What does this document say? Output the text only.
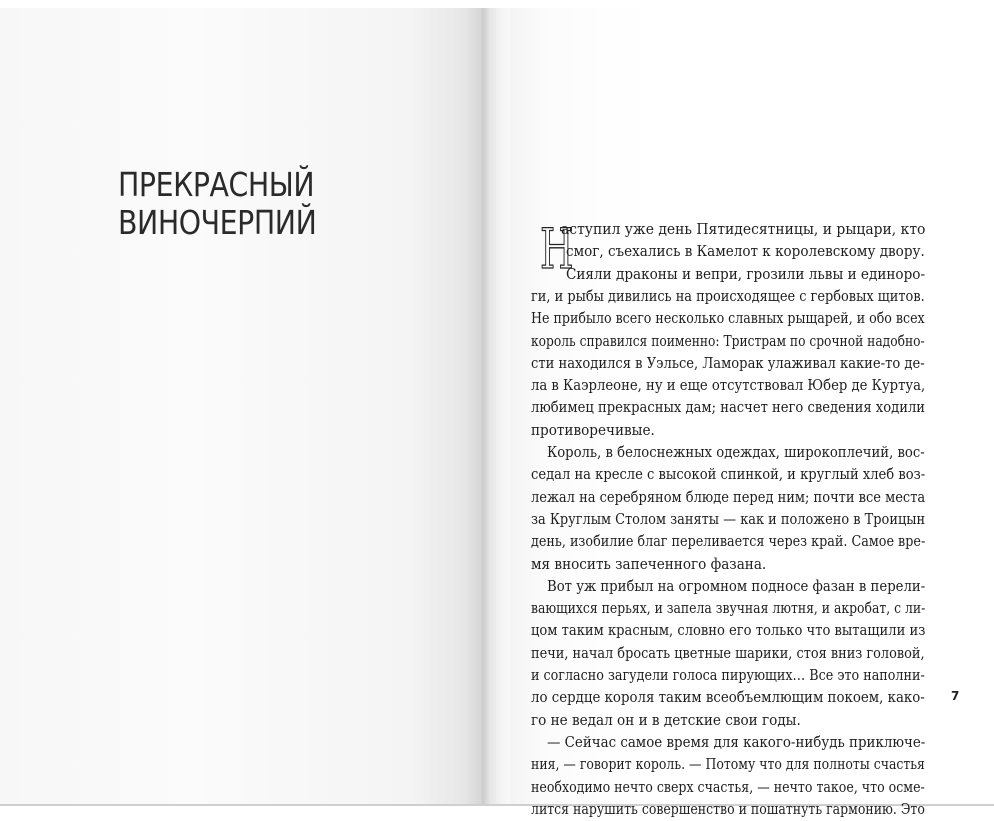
ПРЕКРАСНЫЙ
ВИНОЧЕРПИЙ	Н
аступил уже день Пятидесятницы, и рыцари, кто
смог, съехались в Камелот к королевскому двору.
Сияли драконы и вепри, грозили львы и единоро-
ги, и рыбы дивились на происходящее с гербовых щитов.
Не прибыло всего несколько славных рыщарей, и обо всех
король справился поименно: Тристрам по срочной надобно-
сти находился в Уэльсе, Ламорак улаживал какие-то де-
ла в Каэрлеоне, ну и еще отсутствовал Юбер де Куртуа,
любимец прекрасных дам; насчет него сведения ходили
противоречивые.
Король, в белоснежных одеждах, широкоплечий, вос-
седал на кресле с высокой спинкой, и круглый хлеб воз-
лежал на серебряном блюде перед ним; почти все места
за Круглым Столом заняты — как и положено в Троицын
день, изобилие благ переливается через край. Самое вре-
мя вносить запеченного фазана.
Вот уж прибыл на огромном подносе фазан в перели-
вающихся перьях, и запела звучная лютня, и акробат, с ли-
цом таким красным, словно его только что вытащили из
печи, начал бросать цветные шарики, стоя вниз головой,
и согласно загудели голоса пирующих… Все это наполни-
ло сердце короля таким всеобъемлющим покоем, како-
го не ведал он и в детские свои годы.
— Сейчас самое время для какого-нибудь приключе-
ния, — говорит король. — Потому что для полноты счастья
необходимо нечто сверх счастья, — нечто такое, что осме-
лится нарушить совершенство и пошатнуть гармонию. Это
7
